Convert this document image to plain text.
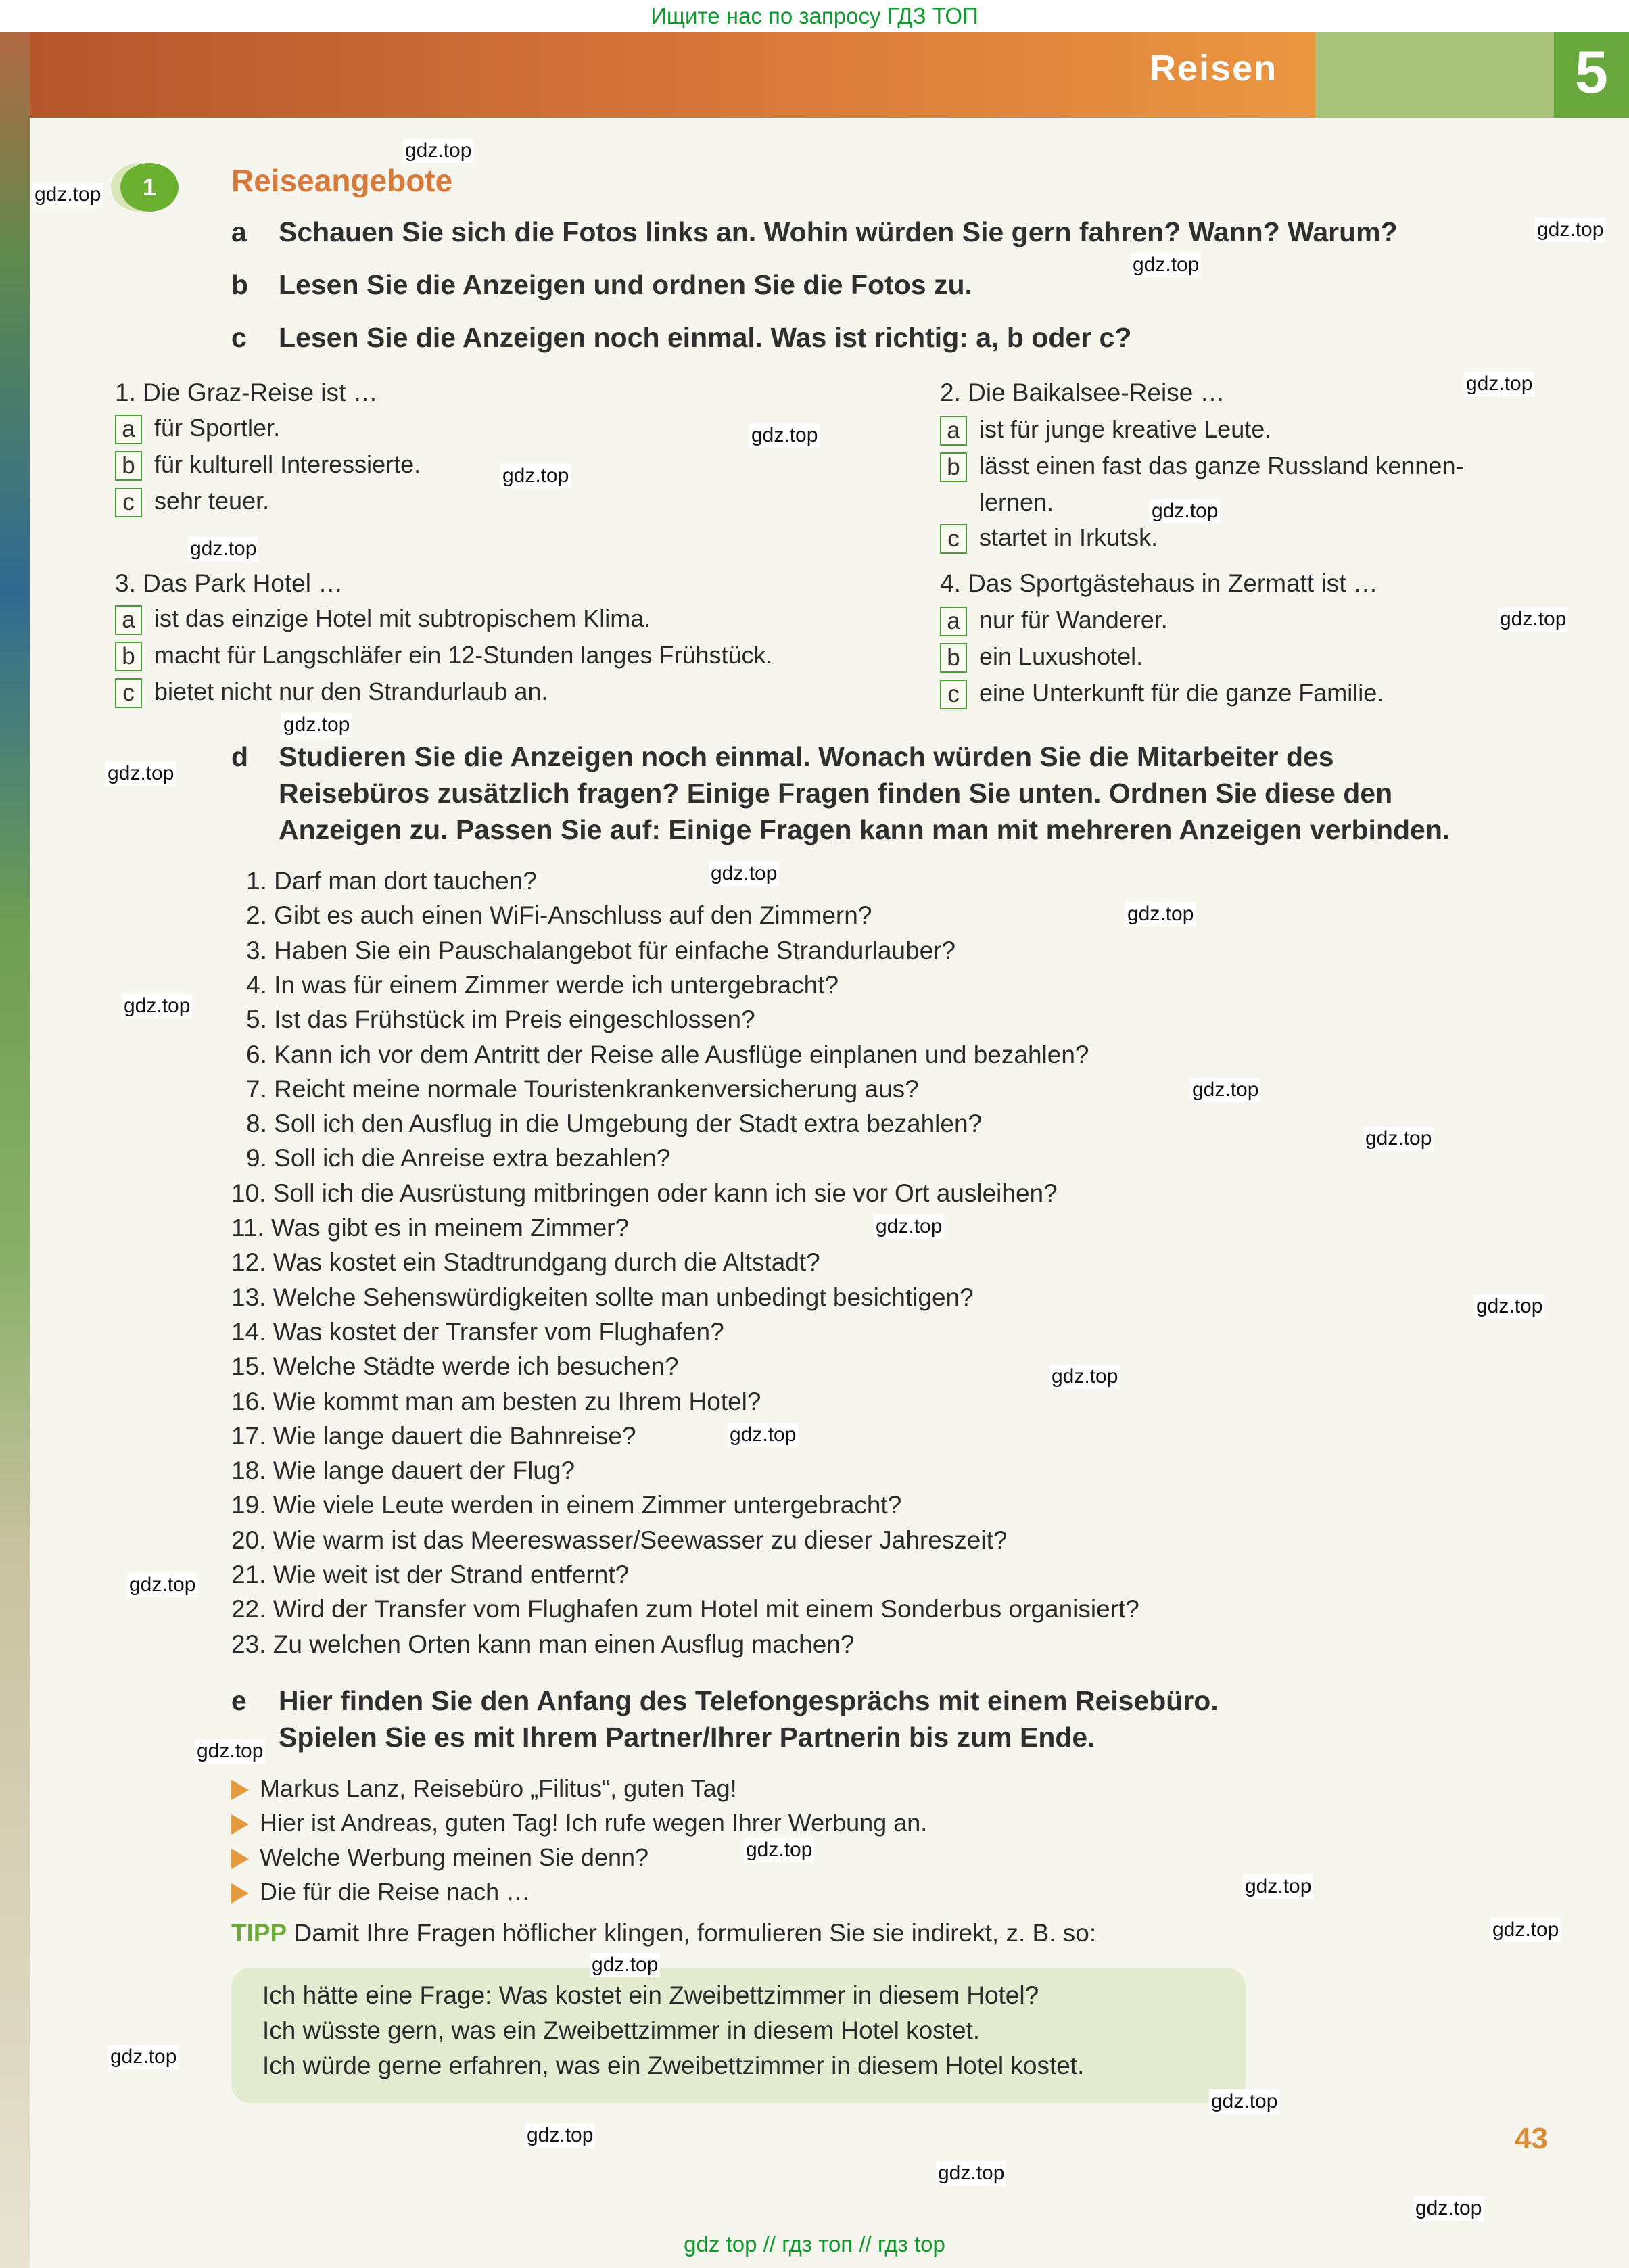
Ищите нас по запросу ГДЗ ТОП
Reisen	5
1	Reiseangebote
a Schauen Sie sich die Fotos links an. Wohin würden Sie gern fahren? Wann? Warum?
b Lesen Sie die Anzeigen und ordnen Sie die Fotos zu.
c Lesen Sie die Anzeigen noch einmal. Was ist richtig: a, b oder c?
1. Die Graz-Reise ist …
a für Sportler.
b für kulturell Interessierte.
c sehr teuer.
2. Die Baikalsee-Reise …
a ist für junge kreative Leute.
b lässt einen fast das ganze Russland kennen-
lernen.
c startet in Irkutsk.
3. Das Park Hotel …
a ist das einzige Hotel mit subtropischem Klima.
b macht für Langschläfer ein 12-Stunden langes Frühstück.
c bietet nicht nur den Strandurlaub an.
4. Das Sportgästehaus in Zermatt ist …
a nur für Wanderer.
b ein Luxushotel.
c eine Unterkunft für die ganze Familie.
d Studieren Sie die Anzeigen noch einmal. Wonach würden Sie die Mitarbeiter des
Reisebüros zusätzlich fragen? Einige Fragen finden Sie unten. Ordnen Sie diese den
Anzeigen zu. Passen Sie auf: Einige Fragen kann man mit mehreren Anzeigen verbinden.
1. Darf man dort tauchen?
2. Gibt es auch einen WiFi-Anschluss auf den Zimmern?
3. Haben Sie ein Pauschalangebot für einfache Strandurlauber?
4. In was für einem Zimmer werde ich untergebracht?
5. Ist das Frühstück im Preis eingeschlossen?
6. Kann ich vor dem Antritt der Reise alle Ausflüge einplanen und bezahlen?
7. Reicht meine normale Touristenkrankenversicherung aus?
8. Soll ich den Ausflug in die Umgebung der Stadt extra bezahlen?
9. Soll ich die Anreise extra bezahlen?
10. Soll ich die Ausrüstung mitbringen oder kann ich sie vor Ort ausleihen?
11. Was gibt es in meinem Zimmer?
12. Was kostet ein Stadtrundgang durch die Altstadt?
13. Welche Sehenswürdigkeiten sollte man unbedingt besichtigen?
14. Was kostet der Transfer vom Flughafen?
15. Welche Städte werde ich besuchen?
16. Wie kommt man am besten zu Ihrem Hotel?
17. Wie lange dauert die Bahnreise?
18. Wie lange dauert der Flug?
19. Wie viele Leute werden in einem Zimmer untergebracht?
20. Wie warm ist das Meereswasser/Seewasser zu dieser Jahreszeit?
21. Wie weit ist der Strand entfernt?
22. Wird der Transfer vom Flughafen zum Hotel mit einem Sonderbus organisiert?
23. Zu welchen Orten kann man einen Ausflug machen?
e Hier finden Sie den Anfang des Telefongesprächs mit einem Reisebüro.
Spielen Sie es mit Ihrem Partner/Ihrer Partnerin bis zum Ende.
Markus Lanz, Reisebüro „Filitus“, guten Tag!
Hier ist Andreas, guten Tag! Ich rufe wegen Ihrer Werbung an.
Welche Werbung meinen Sie denn?
Die für die Reise nach …
TIPP Damit Ihre Fragen höflicher klingen, formulieren Sie sie indirekt, z. B. so:
Ich hätte eine Frage: Was kostet ein Zweibettzimmer in diesem Hotel?
Ich wüsste gern, was ein Zweibettzimmer in diesem Hotel kostet.
Ich würde gerne erfahren, was ein Zweibettzimmer in diesem Hotel kostet.
43
gdz.top
gdz.top
gdz.top
gdz.top
gdz.top
gdz.top
gdz.top
gdz.top
gdz.top
gdz.top
gdz.top
gdz.top
gdz.top
gdz.top
gdz.top
gdz.top
gdz.top
gdz.top
gdz.top
gdz.top
gdz.top
gdz.top
gdz.top
gdz.top
gdz.top
gdz.top
gdz.top
gdz.top
gdz.top
gdz.top
gdz.top
gdz.top
gdz top // гдз топ // гдз top
